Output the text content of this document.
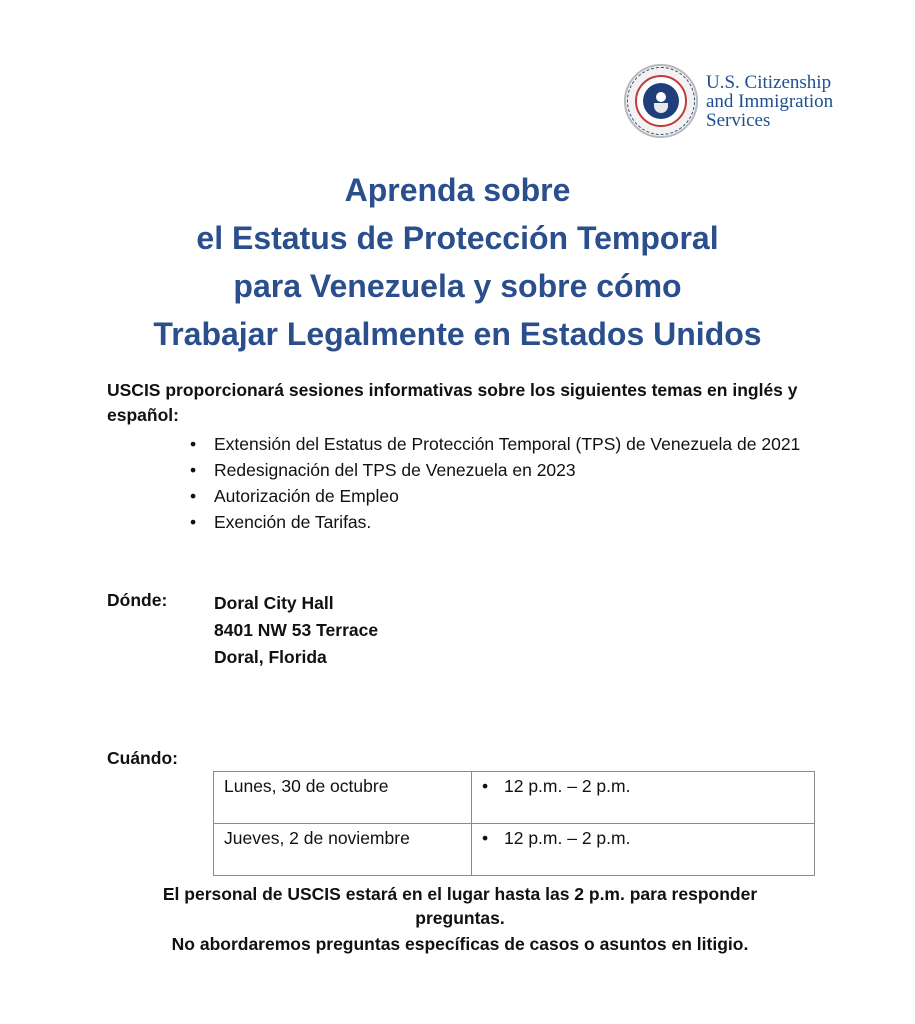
U.S. Citizenship
and Immigration
Services
Aprenda sobre
el Estatus de Protección Temporal
para Venezuela y sobre cómo
Trabajar Legalmente en Estados Unidos
USCIS proporcionará sesiones informativas sobre los siguientes temas en inglés y español:
• Extensión del Estatus de Protección Temporal (TPS) de Venezuela de 2021
• Redesignación del TPS de Venezuela en 2023
• Autorización de Empleo
• Exención de Tarifas.
Dónde:	Doral City Hall
8401 NW 53 Terrace
Doral, Florida
Cuándo:
Lunes, 30 de octubre	• 12 p.m. – 2 p.m.
Jueves, 2 de noviembre	• 12 p.m. – 2 p.m.
El personal de USCIS estará en el lugar hasta las 2 p.m. para responder preguntas.
No abordaremos preguntas específicas de casos o asuntos en litigio.
